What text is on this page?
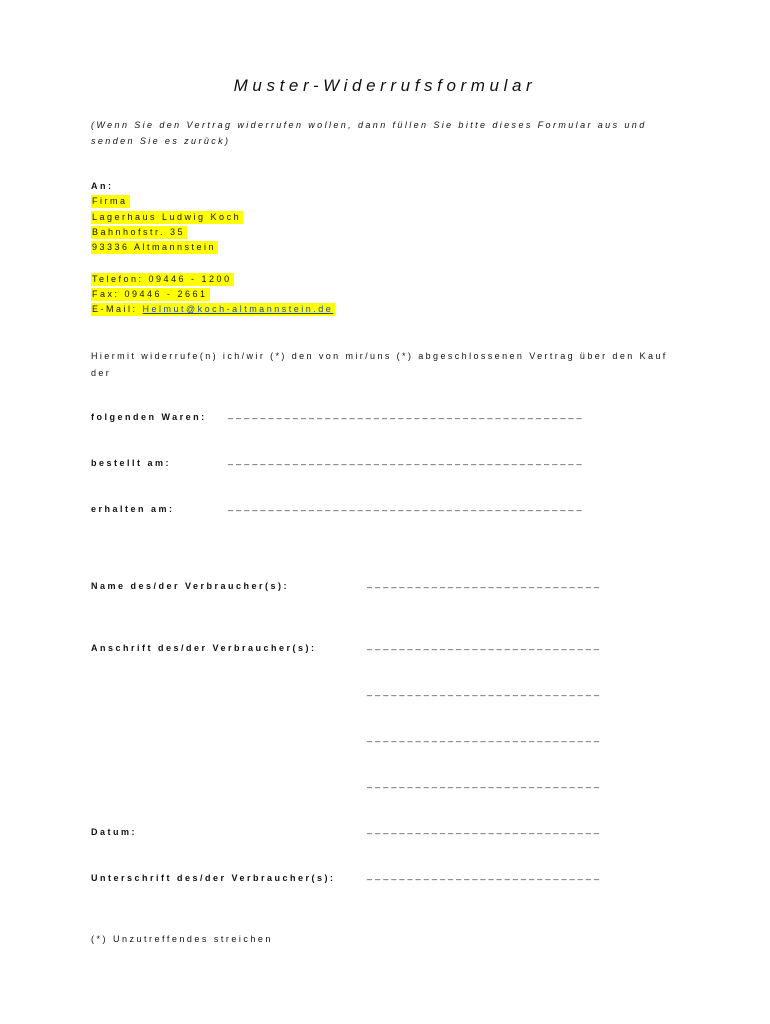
Muster-Widerrufsformular
(Wenn Sie den Vertrag widerrufen wollen, dann füllen Sie bitte dieses Formular aus und senden Sie es zurück)
An:
Firma
Lagerhaus Ludwig Koch
Bahnhofstr. 35
93336 Altmannstein
Telefon: 09446 - 1200
Fax: 09446 - 2661
E-Mail: Helmut@koch-altmannstein.de
Hiermit widerrufe(n) ich/wir (*) den von mir/uns (*) abgeschlossenen Vertrag über den Kauf der
folgenden Waren: ____________________________________________
bestellt am:	____________________________________________
erhalten am:	____________________________________________
Name des/der Verbraucher(s):	_____________________________
Anschrift des/der Verbraucher(s):	_____________________________
_____________________________
_____________________________
_____________________________
Datum:	_____________________________
Unterschrift des/der Verbraucher(s):	_____________________________
(*) Unzutreffendes streichen
